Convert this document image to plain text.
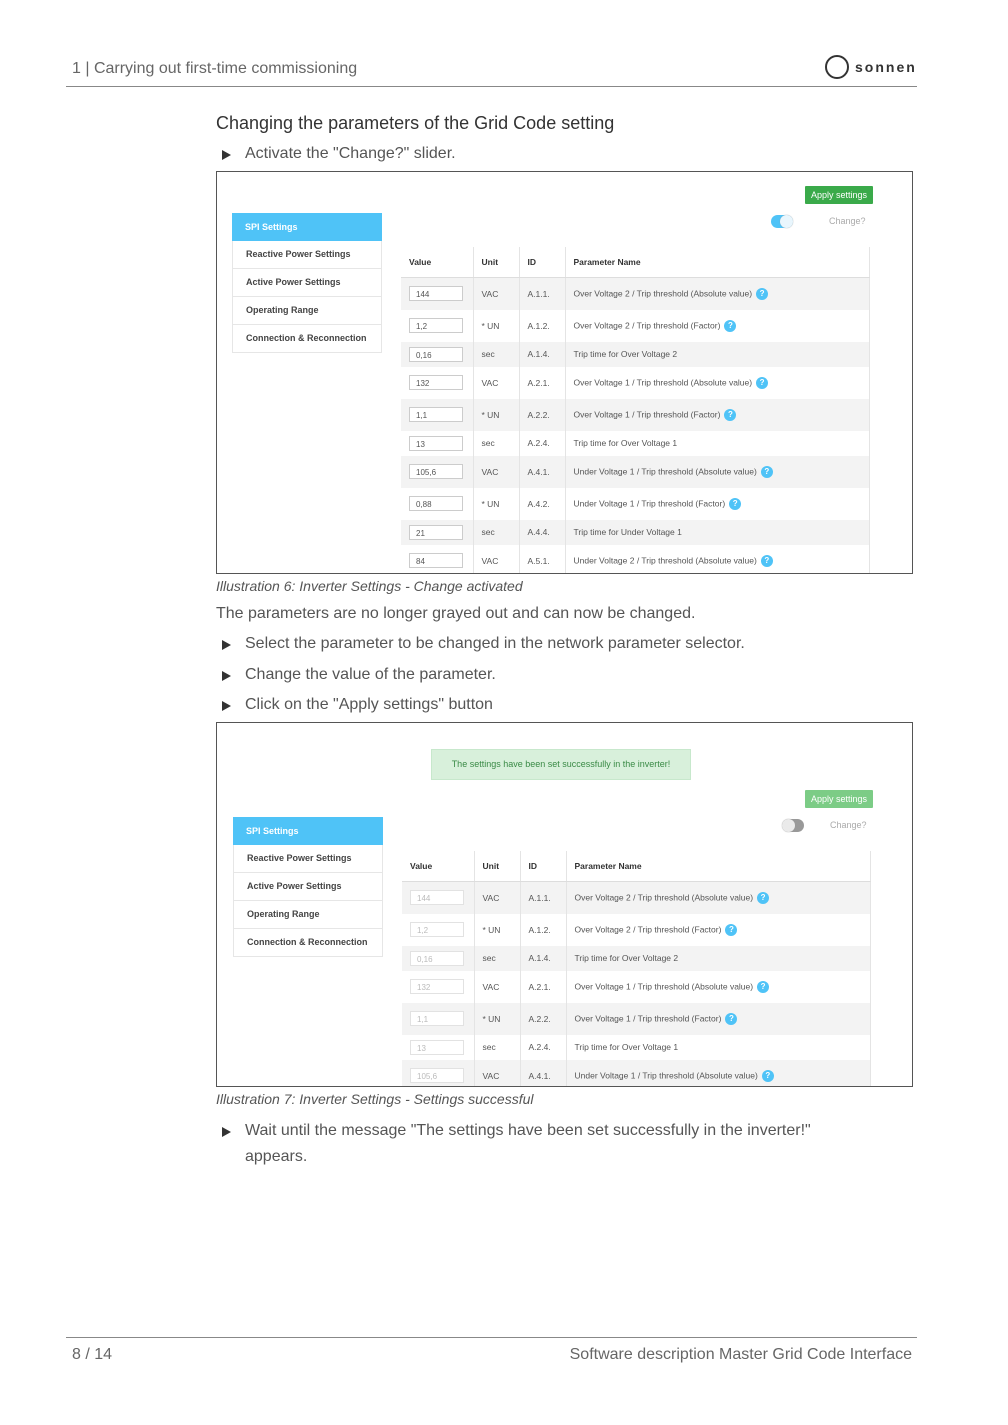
1 | Carrying out first-time commissioning	sonnen
Changing the parameters of the Grid Code setting
Activate the "Change?" slider.
Apply settings
Change?
SPI Settings
Reactive Power Settings
Active Power Settings
Operating Range
Connection & Reconnection
Value	Unit	ID	Parameter Name

144	VAC	A.1.1.	Over Voltage 2 / Trip threshold (Absolute value) ?

1,2	* UN	A.1.2.	Over Voltage 2 / Trip threshold (Factor) ?

0,16	sec	A.1.4.	Trip time for Over Voltage 2

132	VAC	A.2.1.	Over Voltage 1 / Trip threshold (Absolute value) ?

1,1	* UN	A.2.2.	Over Voltage 1 / Trip threshold (Factor) ?

13	sec	A.2.4.	Trip time for Over Voltage 1

105,6	VAC	A.4.1.	Under Voltage 1 / Trip threshold (Absolute value) ?

0,88	* UN	A.4.2.	Under Voltage 1 / Trip threshold (Factor) ?

21	sec	A.4.4.	Trip time for Under Voltage 1

84	VAC	A.5.1.	Under Voltage 2 / Trip threshold (Absolute value) ?
Illustration 6: Inverter Settings - Change activated
The parameters are no longer grayed out and can now be changed.
Select the parameter to be changed in the network parameter selector.
Change the value of the parameter.
Click on the "Apply settings" button
The settings have been set successfully in the inverter!
Apply settings
Change?
SPI Settings
Reactive Power Settings
Active Power Settings
Operating Range
Connection & Reconnection
Value	Unit	ID	Parameter Name

144	VAC	A.1.1.	Over Voltage 2 / Trip threshold (Absolute value) ?

1,2	* UN	A.1.2.	Over Voltage 2 / Trip threshold (Factor) ?

0,16	sec	A.1.4.	Trip time for Over Voltage 2

132	VAC	A.2.1.	Over Voltage 1 / Trip threshold (Absolute value) ?

1,1	* UN	A.2.2.	Over Voltage 1 / Trip threshold (Factor) ?

13	sec	A.2.4.	Trip time for Over Voltage 1

105,6	VAC	A.4.1.	Under Voltage 1 / Trip threshold (Absolute value) ?
Illustration 7: Inverter Settings - Settings successful
Wait until the message "The settings have been set successfully in the inverter!" appears.
8 / 14	Software description Master Grid Code Interface
